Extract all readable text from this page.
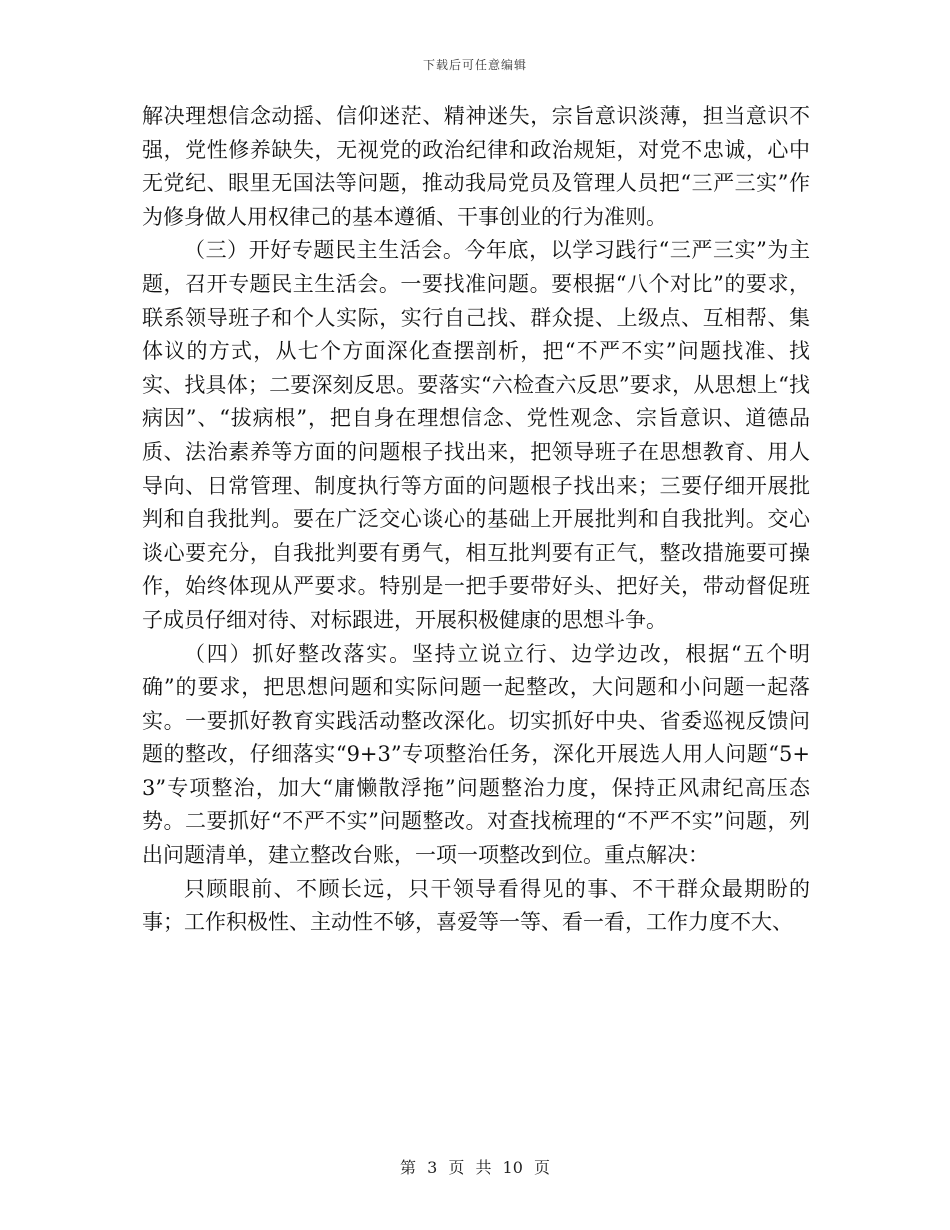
下载后可任意编辑

解决理想信念动摇、信仰迷茫、精神迷失，宗旨意识淡薄，担当意识不强，党性修养缺失，无视党的政治纪律和政治规矩，对党不忠诚，心中无党纪、眼里无国法等问题，推动我局党员及管理人员把“三严三实”作为修身做人用权律己的基本遵循、干事创业的行为准则。

（三）开好专题民主生活会。今年底，以学习践行“三严三实”为主题，召开专题民主生活会。一要找准问题。要根据“八个对比”的要求，联系领导班子和个人实际，实行自己找、群众提、上级点、互相帮、集体议的方式，从七个方面深化查摆剖析，把“不严不实”问题找准、找实、找具体；二要深刻反思。要落实“六检查六反思”要求，从思想上“找病因”、“拔病根”，把自身在理想信念、党性观念、宗旨意识、道德品质、法治素养等方面的问题根子找出来，把领导班子在思想教育、用人导向、日常管理、制度执行等方面的问题根子找出来；三要仔细开展批判和自我批判。要在广泛交心谈心的基础上开展批判和自我批判。交心谈心要充分，自我批判要有勇气，相互批判要有正气，整改措施要可操作，始终体现从严要求。特别是一把手要带好头、把好关，带动督促班子成员仔细对待、对标跟进，开展积极健康的思想斗争。

（四）抓好整改落实。坚持立说立行、边学边改，根据“五个明确”的要求，把思想问题和实际问题一起整改，大问题和小问题一起落实。一要抓好教育实践活动整改深化。切实抓好中央、省委巡视反馈问题的整改，仔细落实“9+3”专项整治任务，深化开展选人用人问题“5+3”专项整治，加大“庸懒散浮拖”问题整治力度，保持正风肃纪高压态势。二要抓好“不严不实”问题整改。对查找梳理的“不严不实”问题，列出问题清单，建立整改台账，一项一项整改到位。重点解决：

只顾眼前、不顾长远，只干领导看得见的事、不干群众最期盼的事；工作积极性、主动性不够，喜爱等一等、看一看，工作力度不大、

第 3 页 共 10 页
